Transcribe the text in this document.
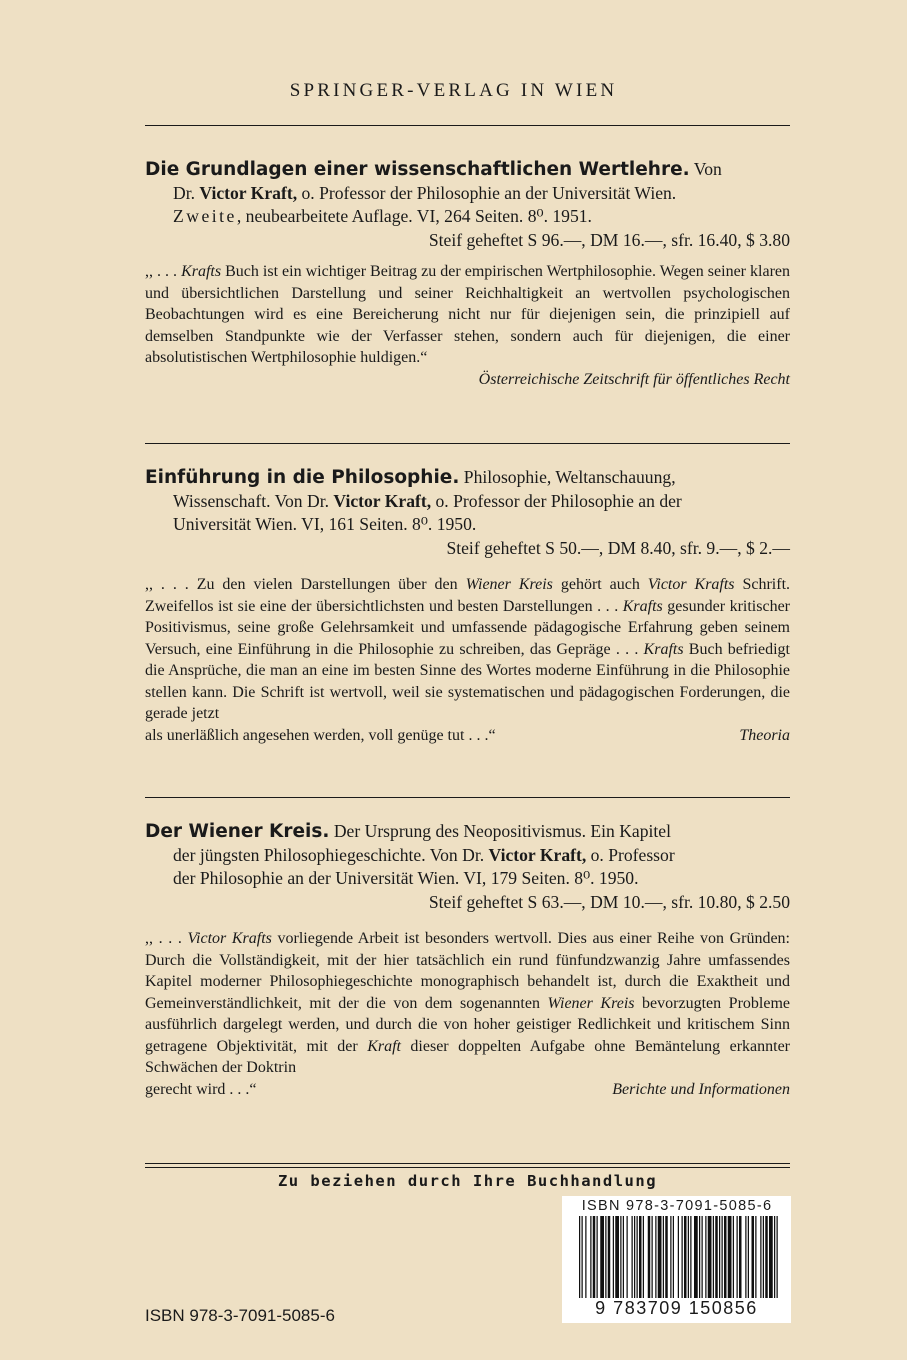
SPRINGER-VERLAG IN WIEN
Die Grundlagen einer wissenschaftlichen Wertlehre. Von
Dr. Victor Kraft, o. Professor der Philosophie an der Universität Wien.
Zweite, neubearbeitete Auflage. VI, 264 Seiten. 8⁰. 1951.
Steif geheftet S 96.—, DM 16.—, sfr. 16.40, $ 3.80
,, . . . Krafts Buch ist ein wichtiger Beitrag zu der empirischen Wertphilosophie. Wegen seiner klaren und übersichtlichen Darstellung und seiner Reichhaltigkeit an wertvollen psychologischen Beobachtungen wird es eine Bereicherung nicht nur für diejenigen sein, die prinzipiell auf demselben Standpunkte wie der Verfasser stehen, sondern auch für diejenigen, die einer absolutistischen Wertphilosophie huldigen.“
Österreichische Zeitschrift für öffentliches Recht
Einführung in die Philosophie. Philosophie, Weltanschauung,
Wissenschaft. Von Dr. Victor Kraft, o. Professor der Philosophie an der
Universität Wien. VI, 161 Seiten. 8⁰. 1950.
Steif geheftet S 50.—, DM 8.40, sfr. 9.—, $ 2.—
,, . . . Zu den vielen Darstellungen über den Wiener Kreis gehört auch Victor Krafts Schrift. Zweifellos ist sie eine der übersichtlichsten und besten Darstellungen . . . Krafts gesunder kritischer Positivismus, seine große Gelehrsamkeit und umfassende pädagogische Erfahrung geben seinem Versuch, eine Einführung in die Philosophie zu schreiben, das Gepräge . . . Krafts Buch befriedigt die Ansprüche, die man an eine im besten Sinne des Wortes moderne Einführung in die Philosophie stellen kann. Die Schrift ist wertvoll, weil sie systematischen und pädagogischen Forderungen, die gerade jetzt
als unerläßlich angesehen werden, voll genüge tut . . .“	Theoria
Der Wiener Kreis. Der Ursprung des Neopositivismus. Ein Kapitel
der jüngsten Philosophiegeschichte. Von Dr. Victor Kraft, o. Professor
der Philosophie an der Universität Wien. VI, 179 Seiten. 8⁰. 1950.
Steif geheftet S 63.—, DM 10.—, sfr. 10.80, $ 2.50
,, . . . Victor Krafts vorliegende Arbeit ist besonders wertvoll. Dies aus einer Reihe von Gründen: Durch die Vollständigkeit, mit der hier tatsächlich ein rund fünfundzwanzig Jahre umfassendes Kapitel moderner Philosophiegeschichte monographisch behandelt ist, durch die Exaktheit und Gemeinverständlichkeit, mit der die von dem sogenannten Wiener Kreis bevorzugten Probleme ausführlich dargelegt werden, und durch die von hoher geistiger Redlichkeit und kritischem Sinn getragene Objektivität, mit der Kraft dieser doppelten Aufgabe ohne Bemäntelung erkannter Schwächen der Doktrin
gerecht wird . . .“	Berichte und Informationen
Zu beziehen durch Ihre Buchhandlung
ISBN 978-3-7091-5085-6
ISBN 978-3-7091-5085-6
9 783709 150856
